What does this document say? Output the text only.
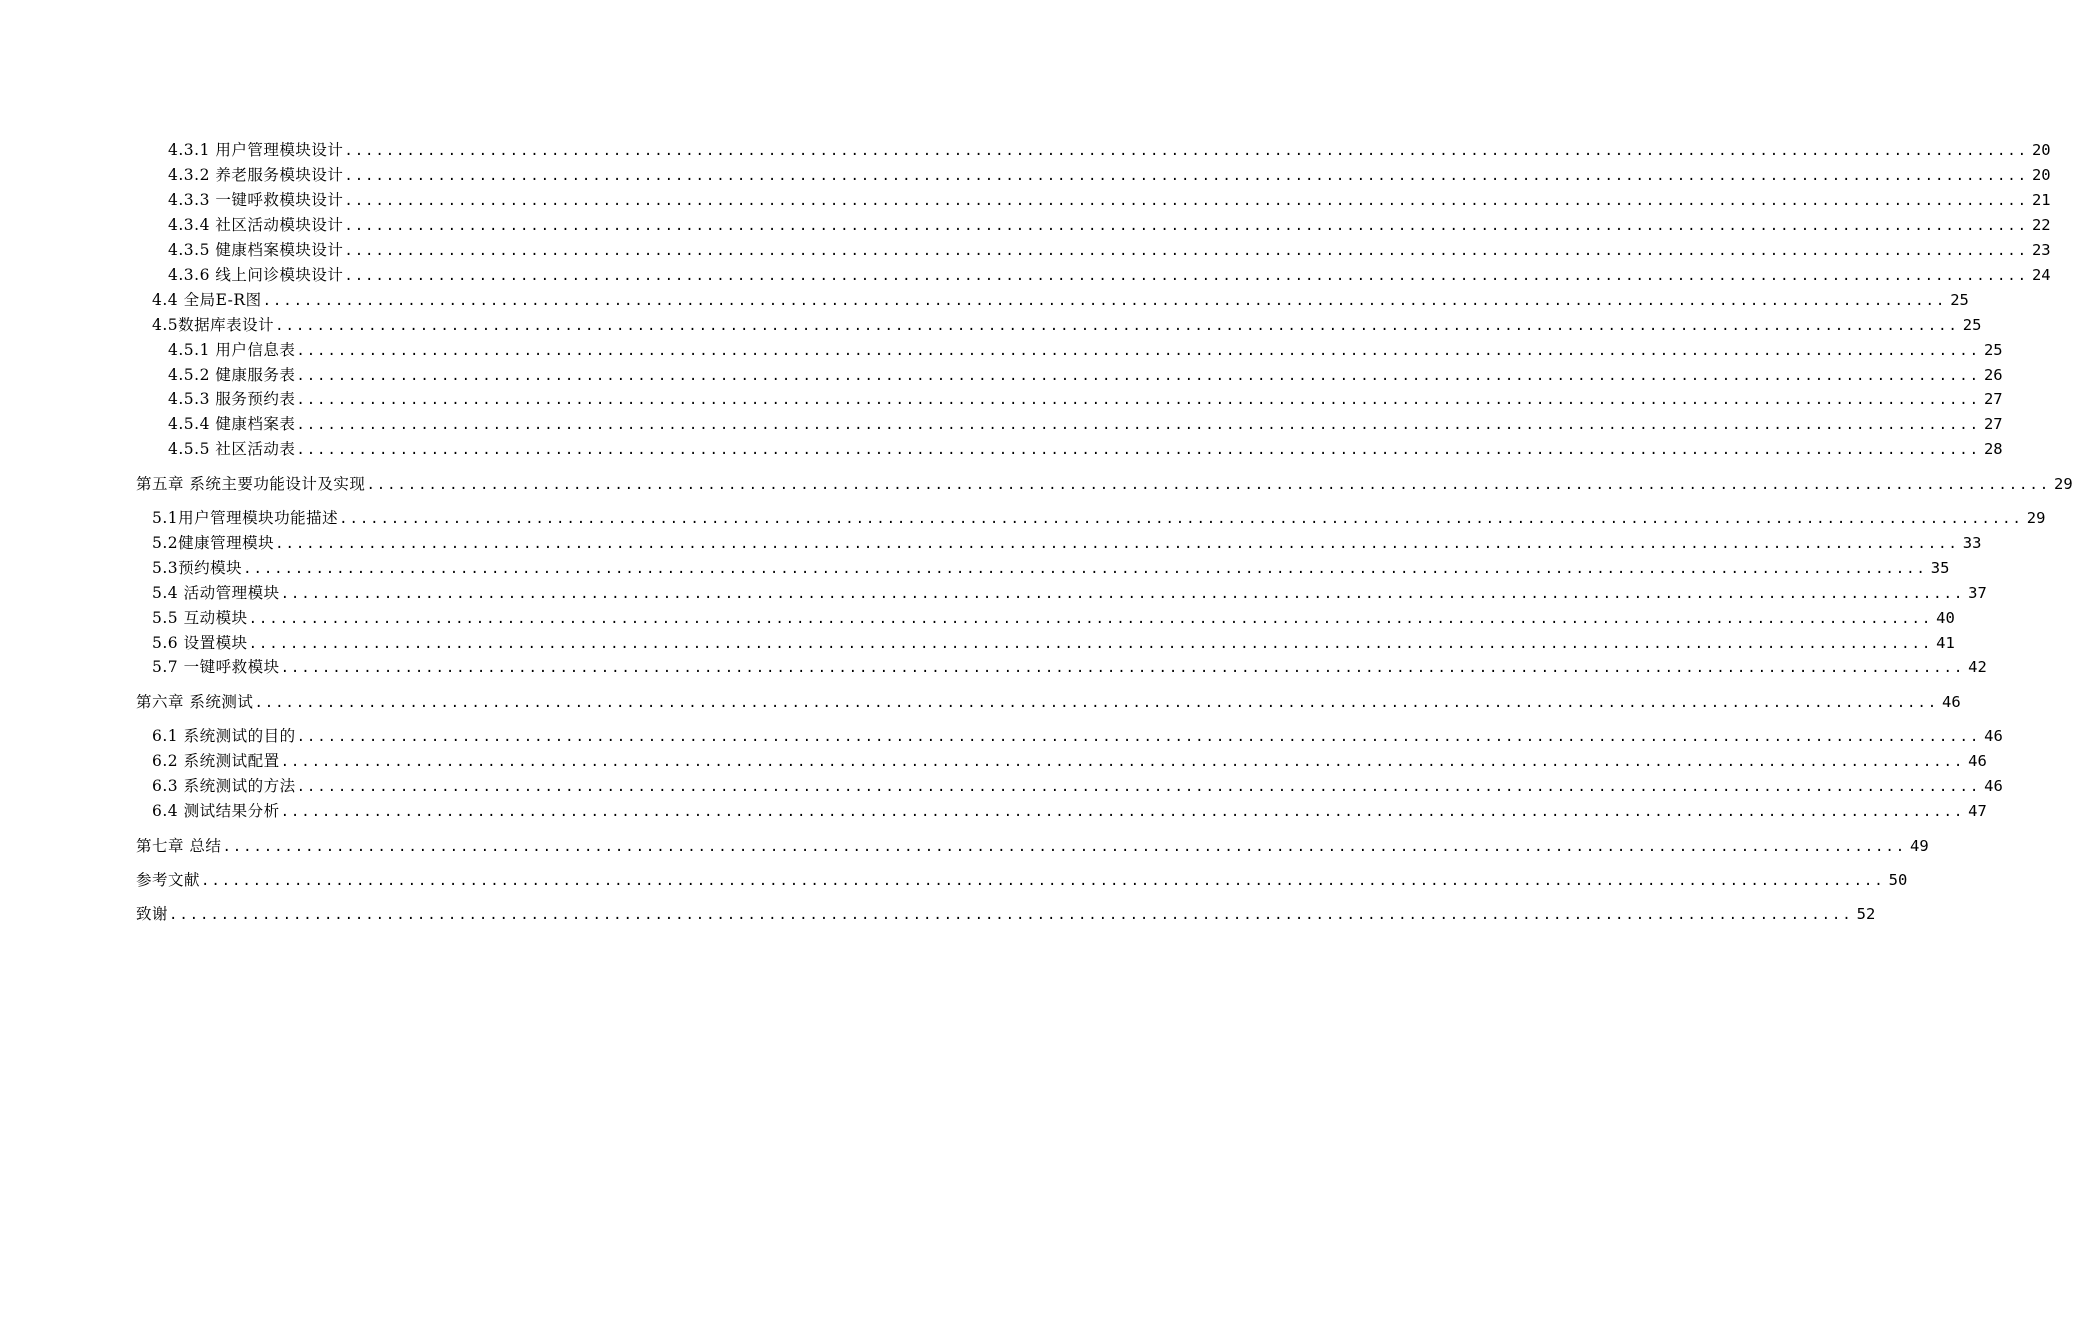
4.3.1 用户管理模块设计 ................................................................................................................................................................... 20
4.3.2 养老服务模块设计 ................................................................................................................................................................... 20
4.3.3 一键呼救模块设计 ................................................................................................................................................................... 21
4.3.4 社区活动模块设计 ................................................................................................................................................................... 22
4.3.5 健康档案模块设计 ................................................................................................................................................................... 23
4.3.6 线上问诊模块设计 ................................................................................................................................................................... 24
4.4 全局E-R图 ................................................................................................................................................................... 25
4.5数据库表设计 ................................................................................................................................................................... 25
4.5.1 用户信息表 ................................................................................................................................................................... 25
4.5.2 健康服务表 ................................................................................................................................................................... 26
4.5.3 服务预约表 ................................................................................................................................................................... 27
4.5.4 健康档案表 ................................................................................................................................................................... 27
4.5.5 社区活动表 ................................................................................................................................................................... 28
第五章 系统主要功能设计及实现 ................................................................................................................................................................... 29
5.1用户管理模块功能描述 ................................................................................................................................................................... 29
5.2健康管理模块 ................................................................................................................................................................... 33
5.3预约模块 ................................................................................................................................................................... 35
5.4 活动管理模块 ................................................................................................................................................................... 37
5.5 互动模块 ................................................................................................................................................................... 40
5.6 设置模块 ................................................................................................................................................................... 41
5.7 一键呼救模块 ................................................................................................................................................................... 42
第六章 系统测试 ................................................................................................................................................................... 46
6.1 系统测试的目的 ................................................................................................................................................................... 46
6.2 系统测试配置 ................................................................................................................................................................... 46
6.3 系统测试的方法 ................................................................................................................................................................... 46
6.4 测试结果分析 ................................................................................................................................................................... 47
第七章 总结 ................................................................................................................................................................... 49
参考文献 ................................................................................................................................................................... 50
致谢 ................................................................................................................................................................... 52
